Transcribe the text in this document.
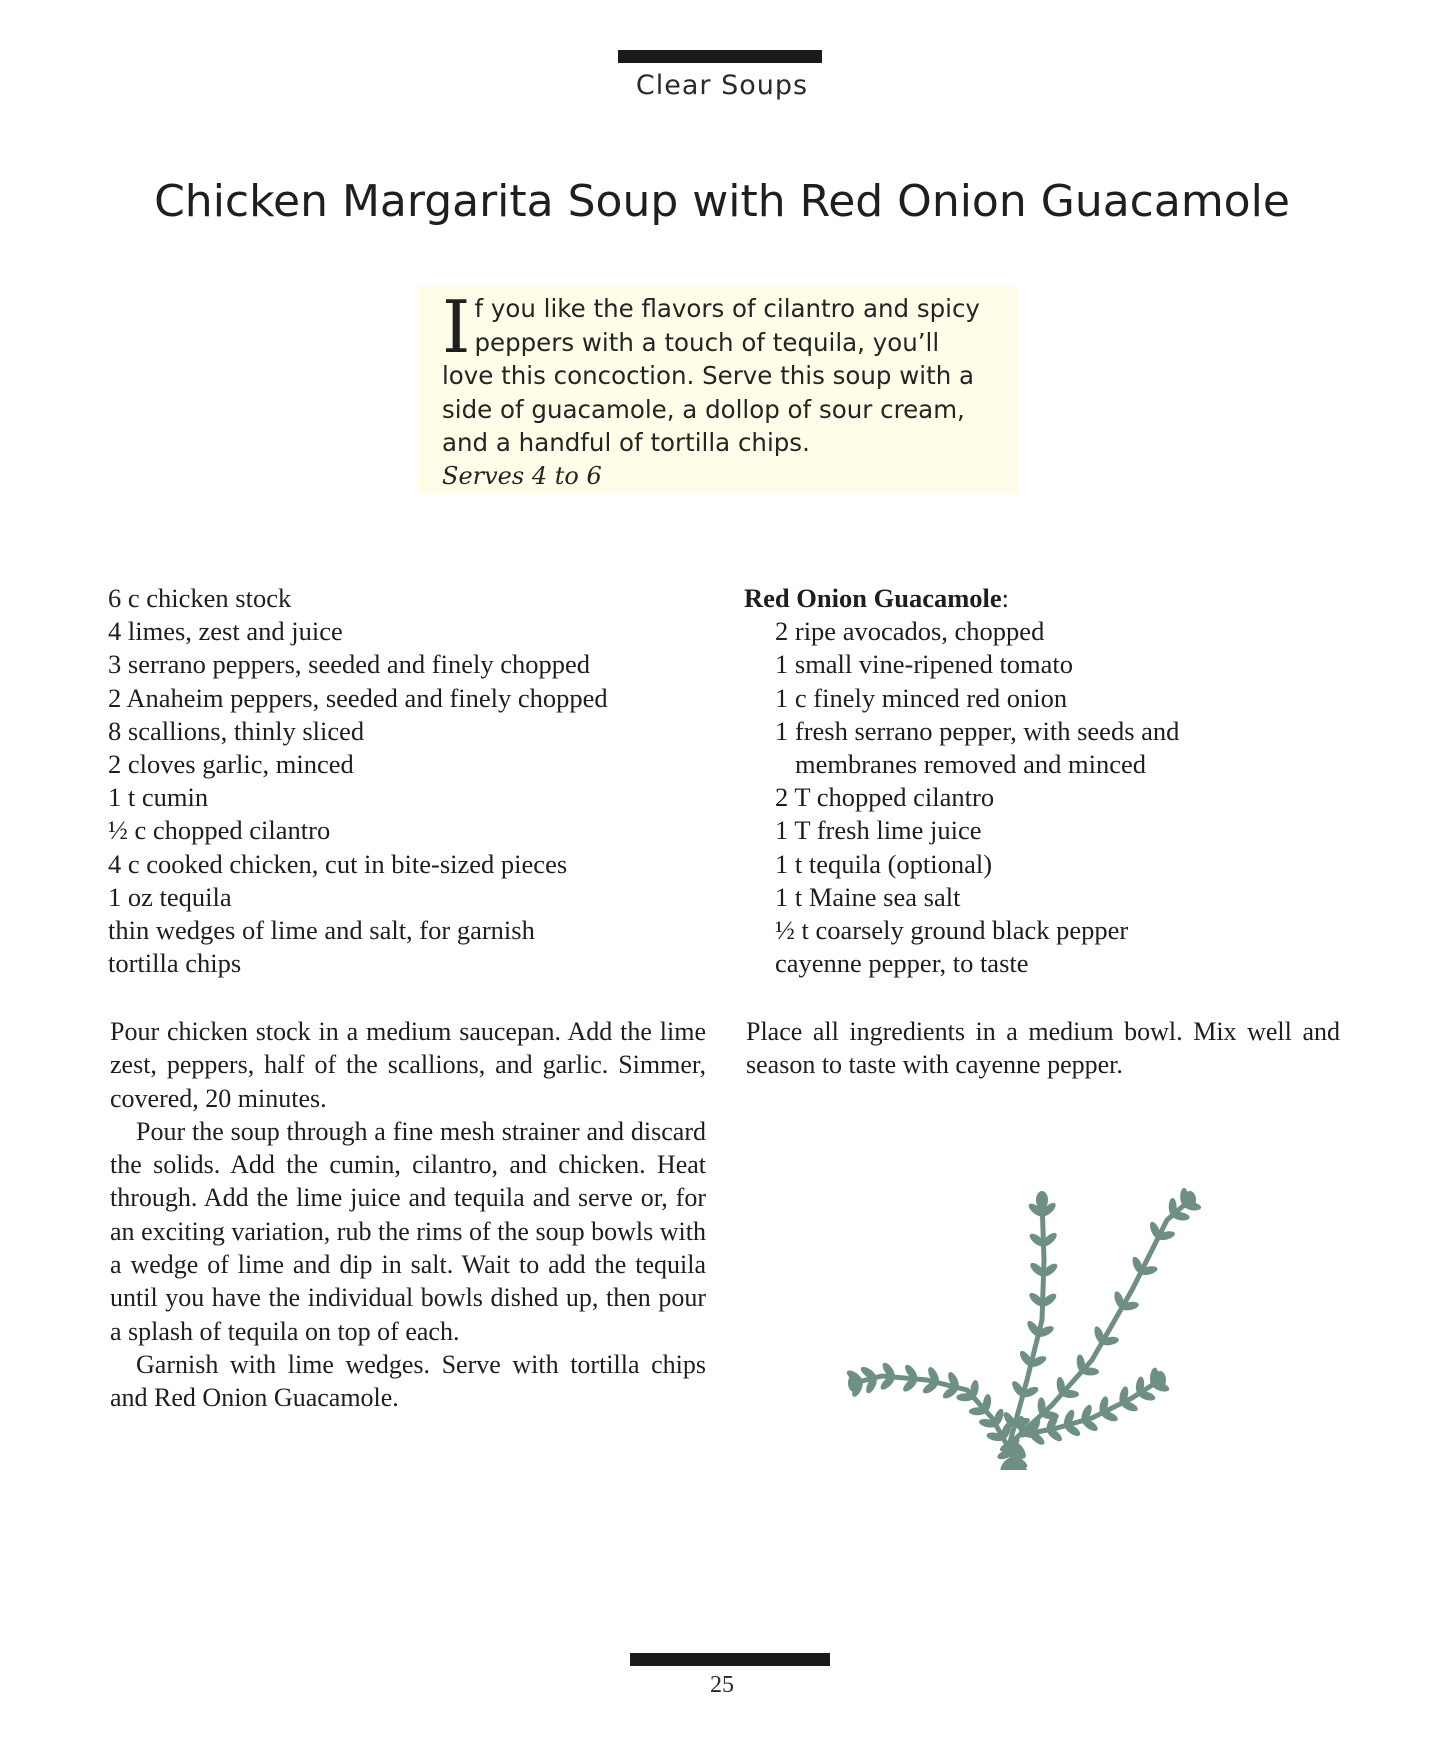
Clear Soups
Chicken Margarita Soup with Red Onion Guacamole

If you like the flavors of cilantro and spicy peppers with a touch of tequila, you’ll love this concoction. Serve this soup with a side of guacamole, a dollop of sour cream, and a handful of tortilla chips.

Serves 4 to 6

6 c chicken stock
4 limes, zest and juice
3 serrano peppers, seeded and finely chopped
2 Anaheim peppers, seeded and finely chopped
8 scallions, thinly sliced
2 cloves garlic, minced
1 t cumin
½ c chopped cilantro
4 c cooked chicken, cut in bite-sized pieces
1 oz tequila
thin wedges of lime and salt, for garnish
tortilla chips

Red Onion Guacamole:

2 ripe avocados, chopped
1 small vine-ripened tomato
1 c finely minced red onion
1 fresh serrano pepper, with seeds and
membranes removed and minced
2 T chopped cilantro
1 T fresh lime juice
1 t tequila (optional)
1 t Maine sea salt
½ t coarsely ground black pepper
cayenne pepper, to taste

Pour chicken stock in a medium saucepan. Add the lime zest, peppers, half of the scallions, and garlic. Simmer, covered, 20 minutes.

Pour the soup through a fine mesh strainer and discard the solids. Add the cumin, cilantro, and chicken. Heat through. Add the lime juice and tequila and serve or, for an exciting variation, rub the rims of the soup bowls with a wedge of lime and dip in salt. Wait to add the tequila until you have the individual bowls dished up, then pour a splash of tequila on top of each.

Garnish with lime wedges. Serve with tortilla chips and Red Onion Guacamole.

Place all ingredients in a medium bowl. Mix well and season to taste with cayenne pepper.

25
